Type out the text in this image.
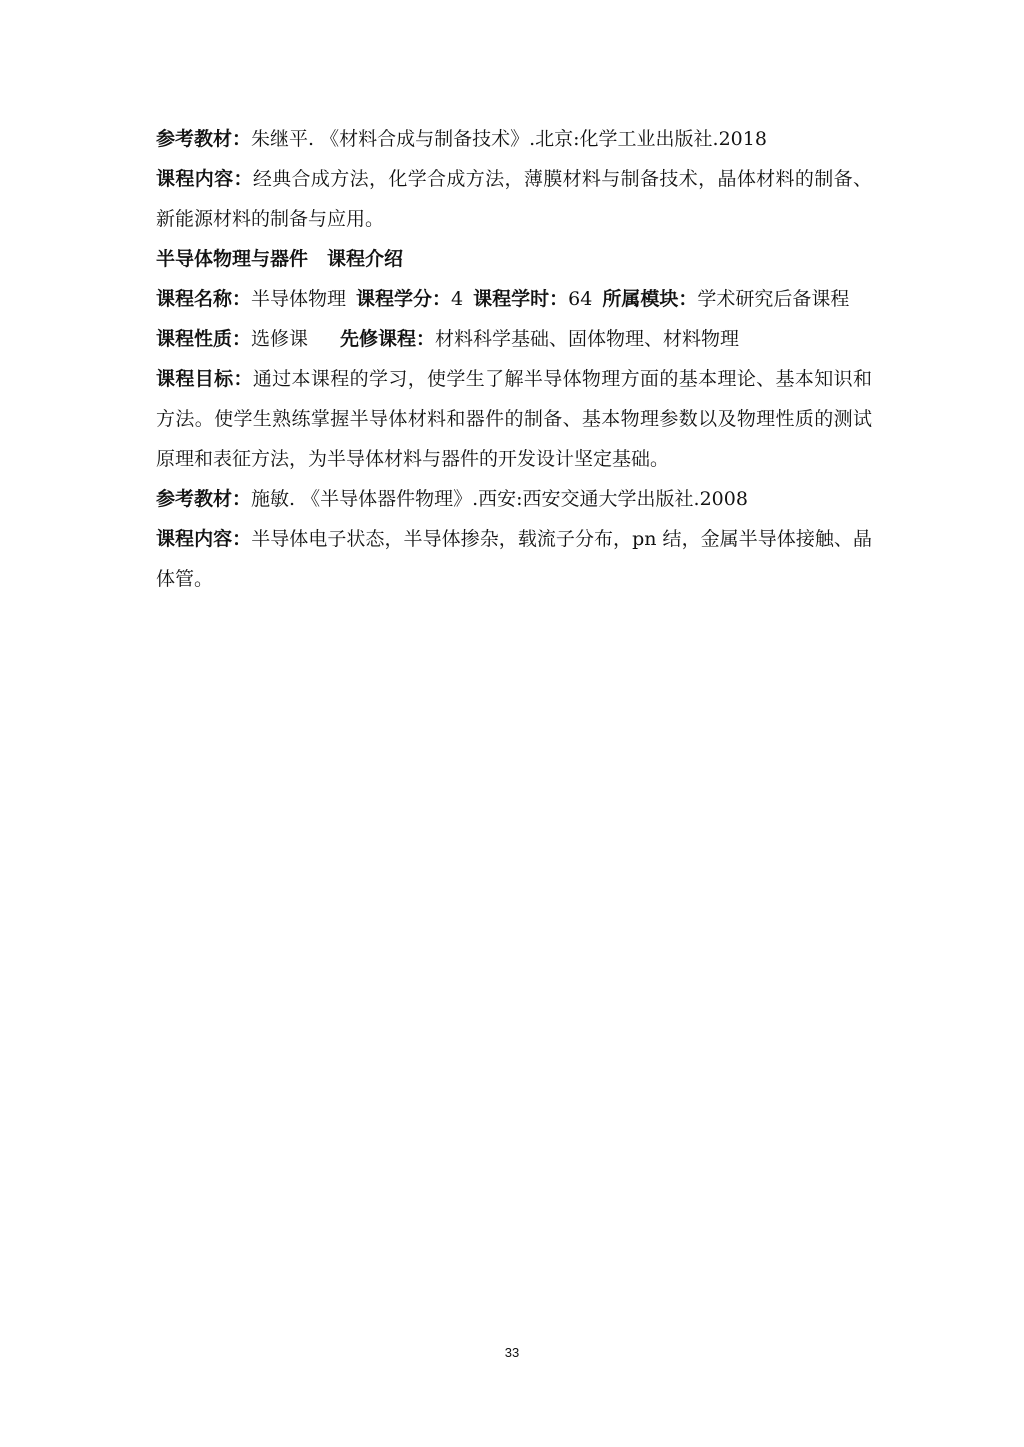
参考教材：朱继平. 《材料合成与制备技术》.北京:化学工业出版社.2018

课程内容：经典合成方法，化学合成方法，薄膜材料与制备技术，晶体材料的制备、新能源材料的制备与应用。

半导体物理与器件　课程介绍

课程名称：半导体物理 课程学分：4 课程学时：64 所属模块：学术研究后备课程

课程性质：选修课 先修课程：材料科学基础、固体物理、材料物理

课程目标：通过本课程的学习，使学生了解半导体物理方面的基本理论、基本知识和方法。使学生熟练掌握半导体材料和器件的制备、基本物理参数以及物理性质的测试原理和表征方法，为半导体材料与器件的开发设计坚定基础。

参考教材：施敏. 《半导体器件物理》.西安:西安交通大学出版社.2008

课程内容：半导体电子状态，半导体掺杂，载流子分布，pn 结，金属半导体接触、晶体管。

33
